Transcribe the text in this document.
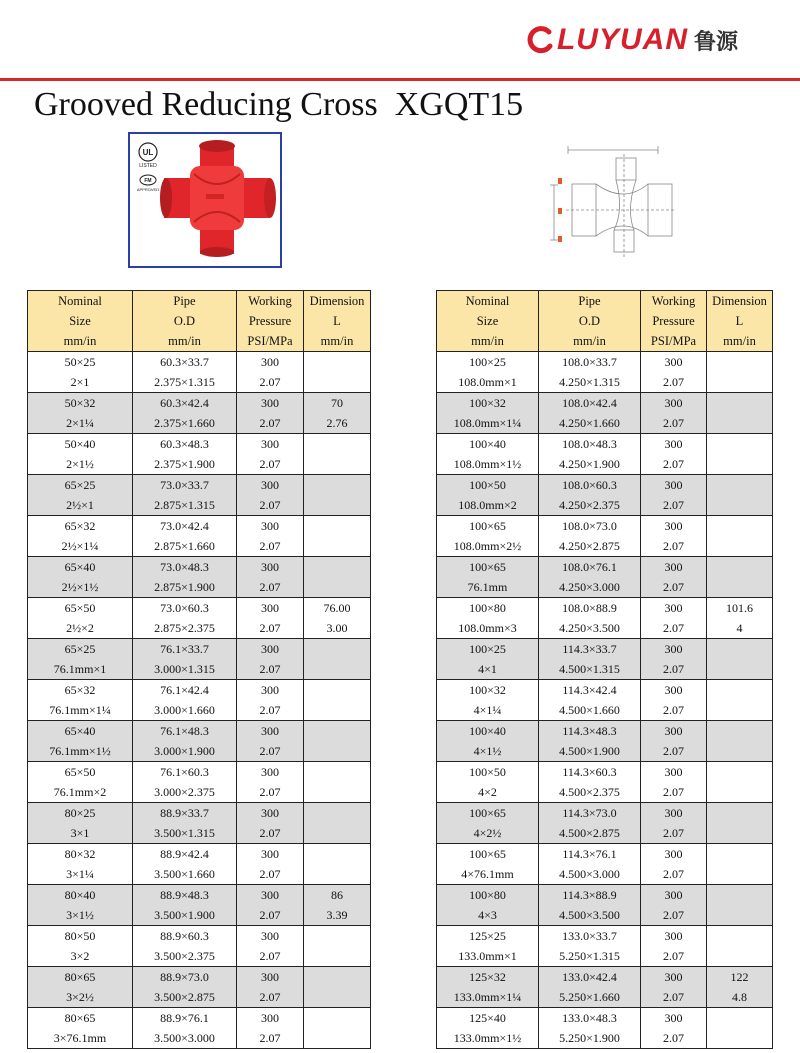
LUYUAN 鲁源
Grooved Reducing Cross  XGQT15
UL
LISTED
FM
APPROVED
Nominal
Size
mm/in	Pipe
O.D
mm/in	Working
Pressure
PSI/MPa	Dimension
L
mm/in
50×25	60.3×33.7	300	
2×1	2.375×1.315	2.07	
50×32	60.3×42.4	300	70
2×1¼	2.375×1.660	2.07	2.76
50×40	60.3×48.3	300	
2×1½	2.375×1.900	2.07	
65×25	73.0×33.7	300	
2½×1	2.875×1.315	2.07	
65×32	73.0×42.4	300	
2½×1¼	2.875×1.660	2.07	
65×40	73.0×48.3	300	
2½×1½	2.875×1.900	2.07	
65×50	73.0×60.3	300	76.00
2½×2	2.875×2.375	2.07	3.00
65×25	76.1×33.7	300	
76.1mm×1	3.000×1.315	2.07	
65×32	76.1×42.4	300	
76.1mm×1¼	3.000×1.660	2.07	
65×40	76.1×48.3	300	
76.1mm×1½	3.000×1.900	2.07	
65×50	76.1×60.3	300	
76.1mm×2	3.000×2.375	2.07	
80×25	88.9×33.7	300	
3×1	3.500×1.315	2.07	
80×32	88.9×42.4	300	
3×1¼	3.500×1.660	2.07	
80×40	88.9×48.3	300	86
3×1½	3.500×1.900	2.07	3.39
80×50	88.9×60.3	300	
3×2	3.500×2.375	2.07	
80×65	88.9×73.0	300	
3×2½	3.500×2.875	2.07	
80×65	88.9×76.1	300	
3×76.1mm	3.500×3.000	2.07	
Nominal
Size
mm/in	Pipe
O.D
mm/in	Working
Pressure
PSI/MPa	Dimension
L
mm/in
100×25	108.0×33.7	300	
108.0mm×1	4.250×1.315	2.07	
100×32	108.0×42.4	300	
108.0mm×1¼	4.250×1.660	2.07	
100×40	108.0×48.3	300	
108.0mm×1½	4.250×1.900	2.07	
100×50	108.0×60.3	300	
108.0mm×2	4.250×2.375	2.07	
100×65	108.0×73.0	300	
108.0mm×2½	4.250×2.875	2.07	
100×65	108.0×76.1	300	
76.1mm	4.250×3.000	2.07	
100×80	108.0×88.9	300	101.6
108.0mm×3	4.250×3.500	2.07	4
100×25	114.3×33.7	300	
4×1	4.500×1.315	2.07	
100×32	114.3×42.4	300	
4×1¼	4.500×1.660	2.07	
100×40	114.3×48.3	300	
4×1½	4.500×1.900	2.07	
100×50	114.3×60.3	300	
4×2	4.500×2.375	2.07	
100×65	114.3×73.0	300	
4×2½	4.500×2.875	2.07	
100×65	114.3×76.1	300	
4×76.1mm	4.500×3.000	2.07	
100×80	114.3×88.9	300	
4×3	4.500×3.500	2.07	
125×25	133.0×33.7	300	
133.0mm×1	5.250×1.315	2.07	
125×32	133.0×42.4	300	122
133.0mm×1¼	5.250×1.660	2.07	4.8
125×40	133.0×48.3	300	
133.0mm×1½	5.250×1.900	2.07	
